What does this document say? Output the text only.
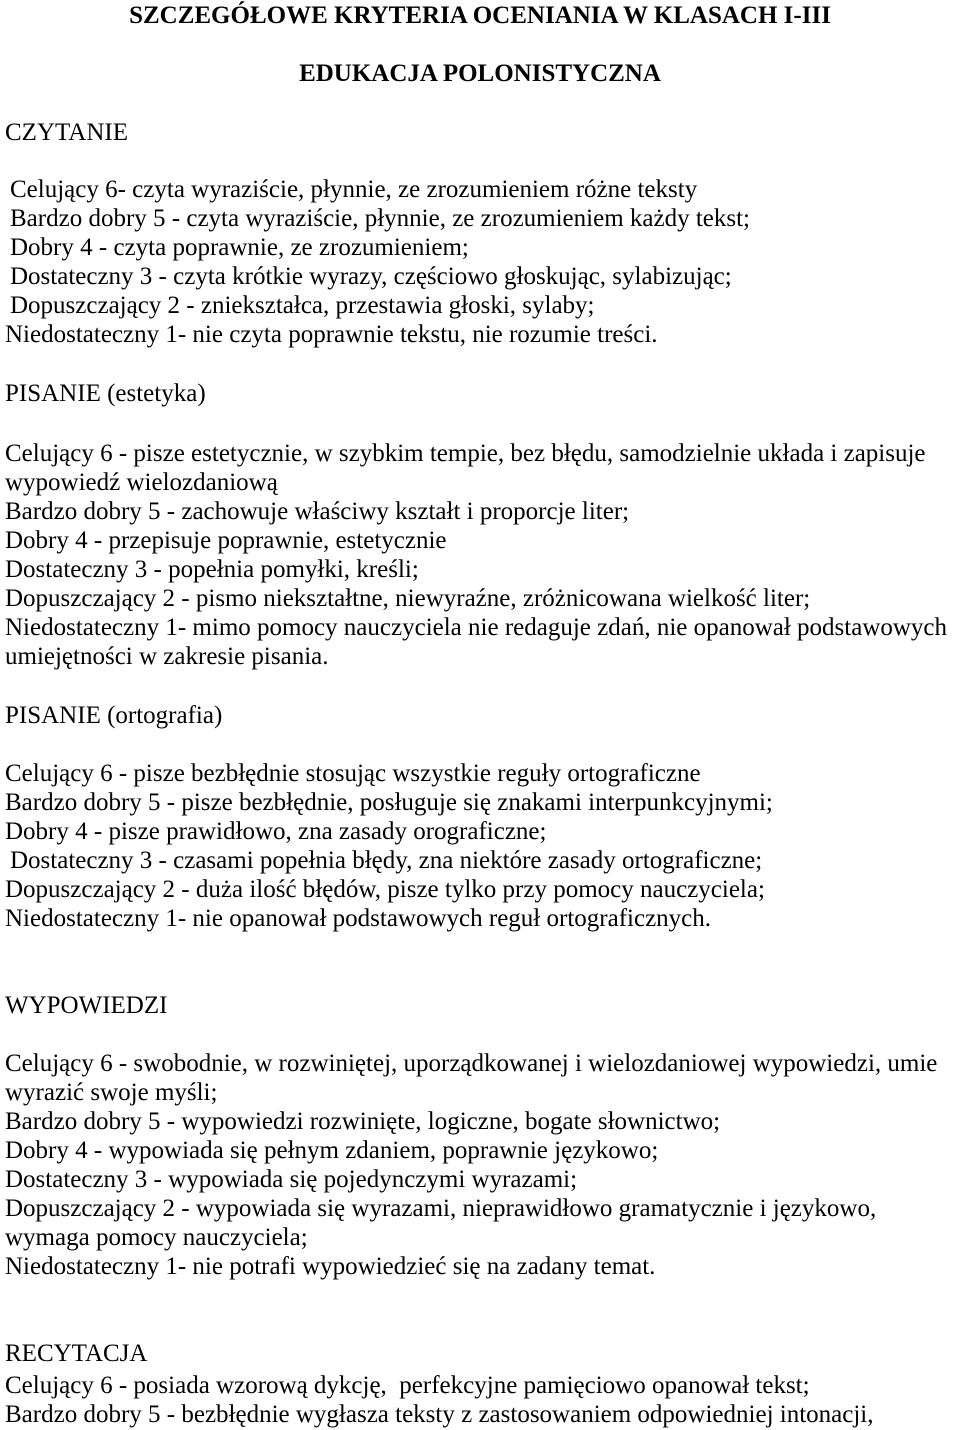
SZCZEGÓŁOWE KRYTERIA OCENIANIA W KLASACH I-III
EDUKACJA POLONISTYCZNA
CZYTANIE
Celujący 6- czyta wyraziście, płynnie, ze zrozumieniem różne teksty
Bardzo dobry 5 - czyta wyraziście, płynnie, ze zrozumieniem każdy tekst;
Dobry 4 - czyta poprawnie, ze zrozumieniem;
Dostateczny 3 - czyta krótkie wyrazy, częściowo głoskując, sylabizując;
Dopuszczający 2 - zniekształca, przestawia głoski, sylaby;
Niedostateczny 1- nie czyta poprawnie tekstu, nie rozumie treści.
PISANIE (estetyka)
Celujący 6 - pisze estetycznie, w szybkim tempie, bez błędu, samodzielnie układa i zapisuje
wypowiedź wielozdaniową
Bardzo dobry 5 - zachowuje właściwy kształt i proporcje liter;
Dobry 4 - przepisuje poprawnie, estetycznie
Dostateczny 3 - popełnia pomyłki, kreśli;
Dopuszczający 2 - pismo niekształtne, niewyraźne, zróżnicowana wielkość liter;
Niedostateczny 1- mimo pomocy nauczyciela nie redaguje zdań, nie opanował podstawowych
umiejętności w zakresie pisania.
PISANIE (ortografia)
Celujący 6 - pisze bezbłędnie stosując wszystkie reguły ortograficzne
Bardzo dobry 5 - pisze bezbłędnie, posługuje się znakami interpunkcyjnymi;
Dobry 4 - pisze prawidłowo, zna zasady orograficzne;
Dostateczny 3 - czasami popełnia błędy, zna niektóre zasady ortograficzne;
Dopuszczający 2 - duża ilość błędów, pisze tylko przy pomocy nauczyciela;
Niedostateczny 1- nie opanował podstawowych reguł ortograficznych.
WYPOWIEDZI
Celujący 6 - swobodnie, w rozwiniętej, uporządkowanej i wielozdaniowej wypowiedzi, umie
wyrazić swoje myśli;
Bardzo dobry 5 - wypowiedzi rozwinięte, logiczne, bogate słownictwo;
Dobry 4 - wypowiada się pełnym zdaniem, poprawnie językowo;
Dostateczny 3 - wypowiada się pojedynczymi wyrazami;
Dopuszczający 2 - wypowiada się wyrazami, nieprawidłowo gramatycznie i językowo,
wymaga pomocy nauczyciela;
Niedostateczny 1- nie potrafi wypowiedzieć się na zadany temat.
RECYTACJA
Celujący 6 - posiada wzorową dykcję,  perfekcyjne pamięciowo opanował tekst;
Bardzo dobry 5 - bezbłędnie wygłasza teksty z zastosowaniem odpowiedniej intonacji,
